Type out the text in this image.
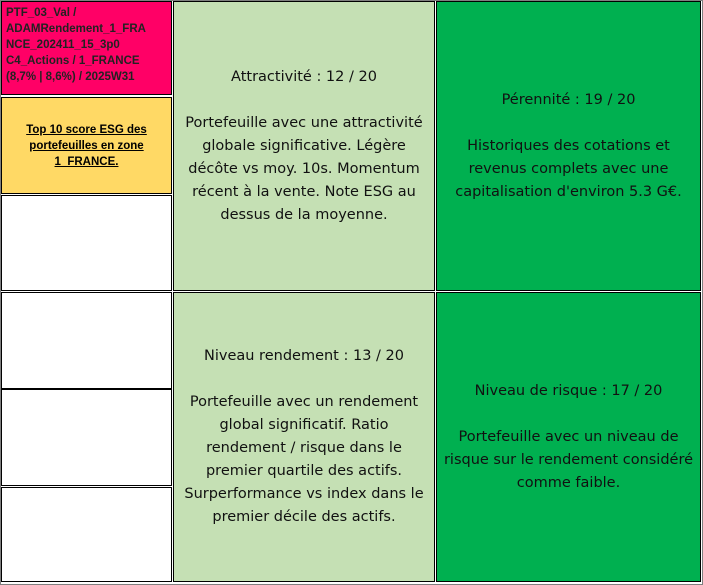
PTF_03_Val /
ADAMRendement_1_FRA
NCE_202411_15_3p0
C4_Actions / 1_FRANCE
(8,7% | 8,6%) / 2025W31
Top 10 score ESG des portefeuilles en zone 1_FRANCE.

Attractivité : 12 / 20

Portefeuille avec une attractivité globale significative. Légère décôte vs moy. 10s. Momentum récent à la vente. Note ESG au dessus de la moyenne.

Pérennité : 19 / 20

Historiques des cotations et revenus complets avec une capitalisation d'environ 5.3 G€.

Niveau rendement : 13 / 20

Portefeuille avec un rendement global significatif. Ratio rendement / risque dans le premier quartile des actifs. Surperformance vs index dans le premier décile des actifs.

Niveau de risque : 17 / 20

Portefeuille avec un niveau de risque sur le rendement considéré comme faible.
